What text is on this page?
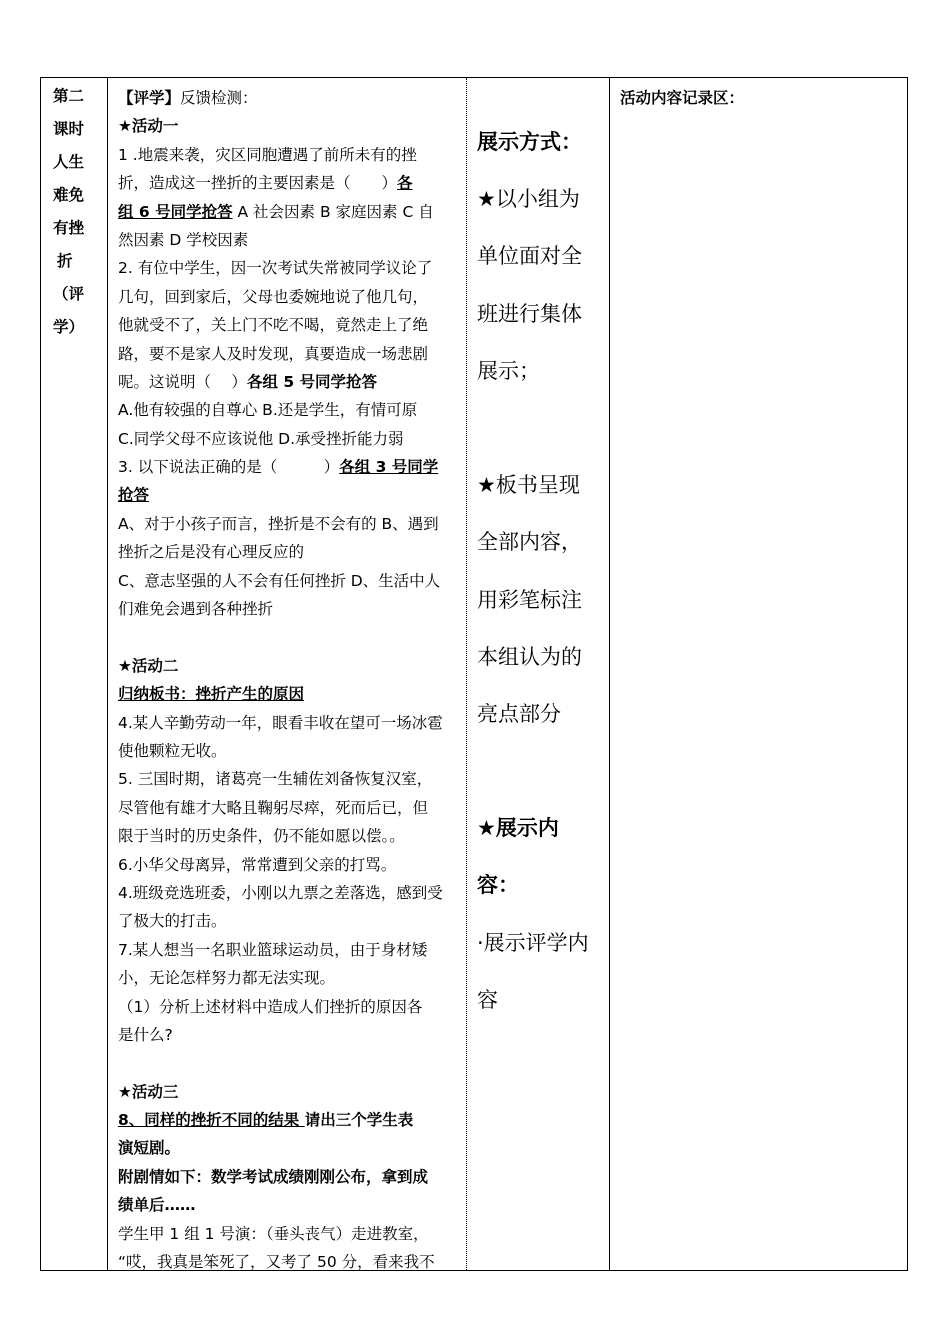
第二
课时
人生
难免
有挫
折
（评
学）
【评学】反馈检测：
★活动一
1 .地震来袭，灾区同胞遭遇了前所未有的挫
折，造成这一挫折的主要因素是（　　）各
组 6 号同学抢答 A 社会因素 B 家庭因素 C 自
然因素 D 学校因素
2. 有位中学生，因一次考试失常被同学议论了
几句，回到家后，父母也委婉地说了他几句，
他就受不了，关上门不吃不喝，竟然走上了绝
路，要不是家人及时发现，真要造成一场悲剧
呢。这说明（　 ）各组 5 号同学抢答
A.他有较强的自尊心 B.还是学生，有情可原
C.同学父母不应该说他 D.承受挫折能力弱
3. 以下说法正确的是（　　　）各组 3 号同学
抢答
A、对于小孩子而言，挫折是不会有的 B、遇到
挫折之后是没有心理反应的
C、意志坚强的人不会有任何挫折 D、生活中人
们难免会遇到各种挫折
★活动二
归纳板书：挫折产生的原因
4.某人辛勤劳动一年，眼看丰收在望可一场冰雹
使他颗粒无收。
5. 三国时期，诸葛亮一生辅佐刘备恢复汉室，
尽管他有雄才大略且鞠躬尽瘁，死而后已，但
限于当时的历史条件，仍不能如愿以偿。。
6.小华父母离异，常常遭到父亲的打骂。
4.班级竞选班委，小刚以九票之差落选，感到受
了极大的打击。
7.某人想当一名职业篮球运动员，由于身材矮
小，无论怎样努力都无法实现。
（1）分析上述材料中造成人们挫折的原因各
是什么?
★活动三
8、同样的挫折不同的结果 请出三个学生表
演短剧。
附剧情如下：数学考试成绩刚刚公布，拿到成
绩单后……
学生甲 1 组 1 号演：（垂头丧气）走进教室，
“哎，我真是笨死了，又考了 50 分，看来我不
展示方式：
★以小组为
单位面对全
班进行集体
展示；
★板书呈现
全部内容，
用彩笔标注
本组认为的
亮点部分
★展示内
容：
·展示评学内
容
活动内容记录区：
